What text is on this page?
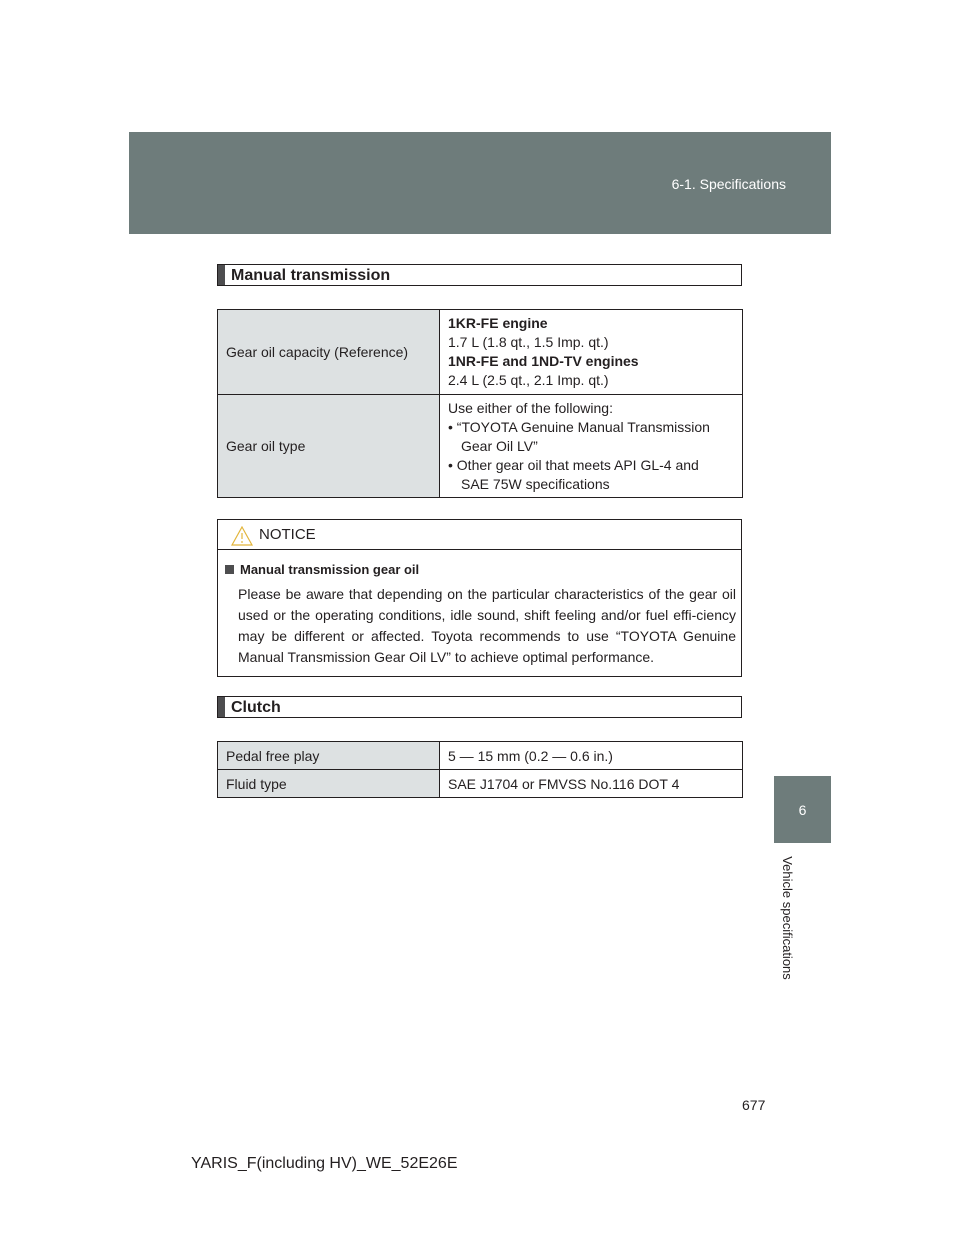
6-1. Specifications
6
Vehicle specifications
Manual transmission
Gear oil capacity (Reference)	1KR-FE engine
1.7 L (1.8 qt., 1.5 Imp. qt.)
1NR-FE and 1ND-TV engines
2.4 L (2.5 qt., 2.1 Imp. qt.)

Gear oil type	Use either of the following:
• “TOYOTA Genuine Manual Transmission
Gear Oil LV”
• Other gear oil that meets API GL-4 and
SAE 75W specifications
NOTICE
Manual transmission gear oil
Please be aware that depending on the particular characteristics of the gear oil used or the operating conditions, idle sound, shift feeling and/or fuel effi-ciency may be different or affected. Toyota recommends to use “TOYOTA Genuine Manual Transmission Gear Oil LV” to achieve optimal performance.
Clutch
Pedal free play	5 — 15 mm (0.2 — 0.6 in.)
Fluid type	SAE J1704 or FMVSS No.116 DOT 4
677
YARIS_F(including HV)_WE_52E26E
